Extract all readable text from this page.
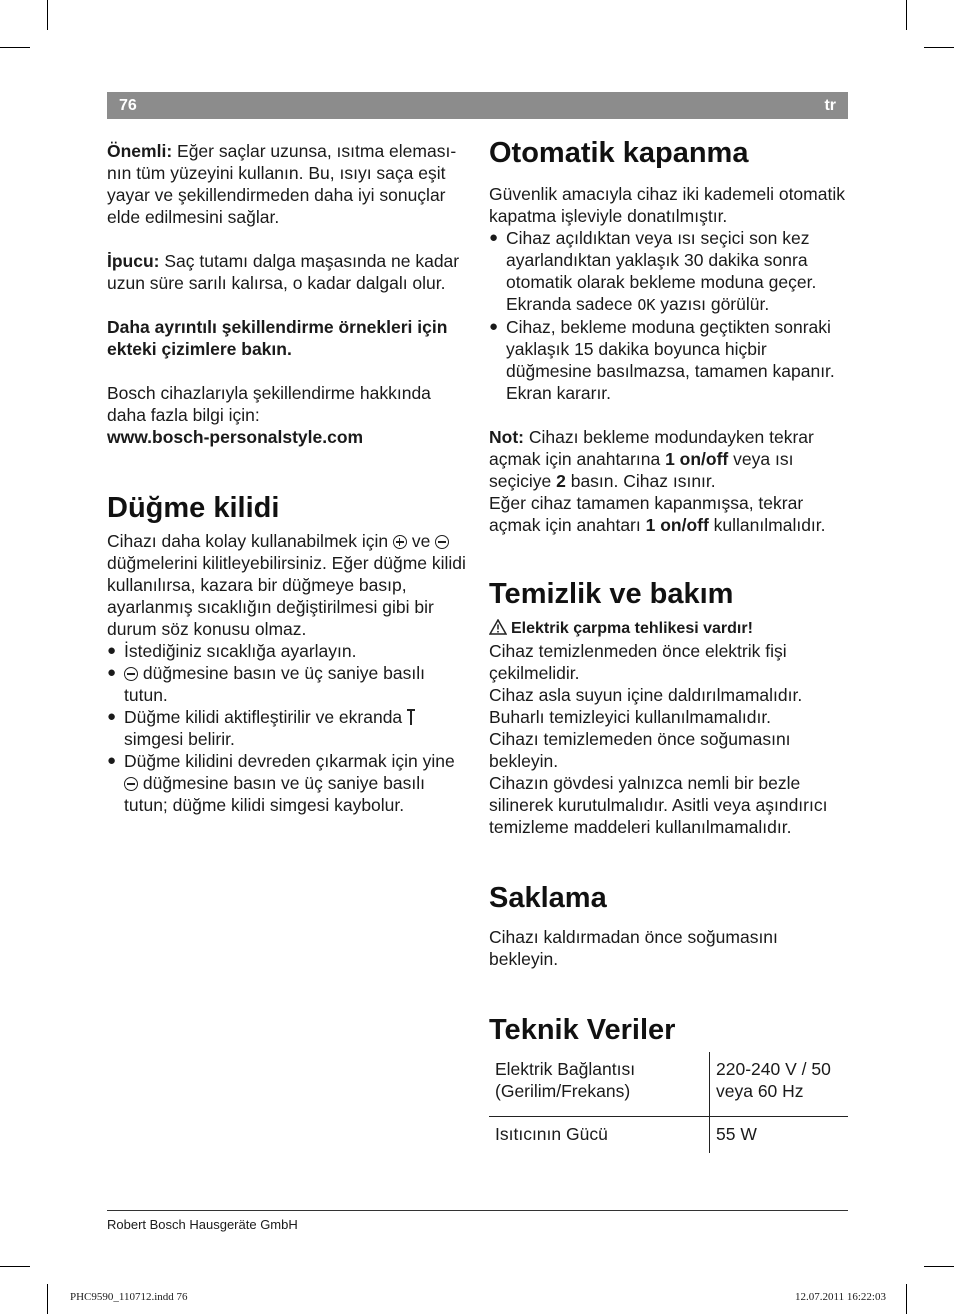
76	tr

Önemli: Eğer saçlar uzunsa, ısıtma eleması-nın tüm yüzeyini kullanın. Bu, ısıyı saça eşit yayar ve şekillendirmeden daha iyi sonuçlar elde edilmesini sağlar.

İpucu: Saç tutamı dalga maşasında ne kadar uzun süre sarılı kalırsa, o kadar dalgalı olur.

Daha ayrıntılı şekillendirme örnekleri için ekteki çizimlere bakın.

Bosch cihazlarıyla şekillendirme hakkında daha fazla bilgi için:

www.bosch-personalstyle.com

Düğme kilidi

Cihazı daha kolay kullanabilmek için  ve  düğmelerini kilitleyebilirsiniz. Eğer düğme kilidi kullanılırsa, kazara bir düğmeye basıp, ayarlanmış sıcaklığın değiştirilmesi gibi bir durum söz konusu olmaz.

● İstediğiniz sıcaklığa ayarlayın.
● düğmesine basın ve üç saniye basılı tutun.
● Düğme kilidi aktifleştirilir ve ekranda  simgesi belirir.
● Düğme kilidini devreden çıkarmak için yine  düğmesine basın ve üç saniye basılı tutun; düğme kilidi simgesi kaybolur.
Otomatik kapanma

Güvenlik amacıyla cihaz iki kademeli otomatik kapatma işleviyle donatılmıştır.

● Cihaz açıldıktan veya ısı seçici son kez ayarlandıktan yaklaşık 30 dakika sonra otomatik olarak bekleme moduna geçer. Ekranda sadece OK yazısı görülür.
● Cihaz, bekleme moduna geçtikten sonraki yaklaşık 15 dakika boyunca hiçbir düğmesine basılmazsa, tamamen kapanır. Ekran kararır.

Not: Cihazı bekleme modundayken tekrar açmak için anahtarına 1 on/off veya ısı seçiciye 2 basın. Cihaz ısınır.

Eğer cihaz tamamen kapanmışsa, tekrar açmak için anahtarı 1 on/off kullanılmalıdır.

Temizlik ve bakım

Elektrik çarpma tehlikesi vardır!

Cihaz temizlenmeden önce elektrik fişi çekilmelidir.

Cihaz asla suyun içine daldırılmamalıdır.

Buharlı temizleyici kullanılmamalıdır.

Cihazı temizlemeden önce soğumasını bekleyin.

Cihazın gövdesi yalnızca nemli bir bezle silinerek kurutulmalıdır. Asitli veya aşındırıcı temizleme maddeleri kullanılmamalıdır.

Saklama

Cihazı kaldırmadan önce soğumasını bekleyin.

Teknik Veriler
Elektrik Bağlantısı (Gerilim/Frekans)	220-240 V / 50 veya 60 Hz
Isıtıcının Gücü	55 W
Robert Bosch Hausgeräte GmbH
PHC9590_110712.indd 76	12.07.2011 16:22:03
